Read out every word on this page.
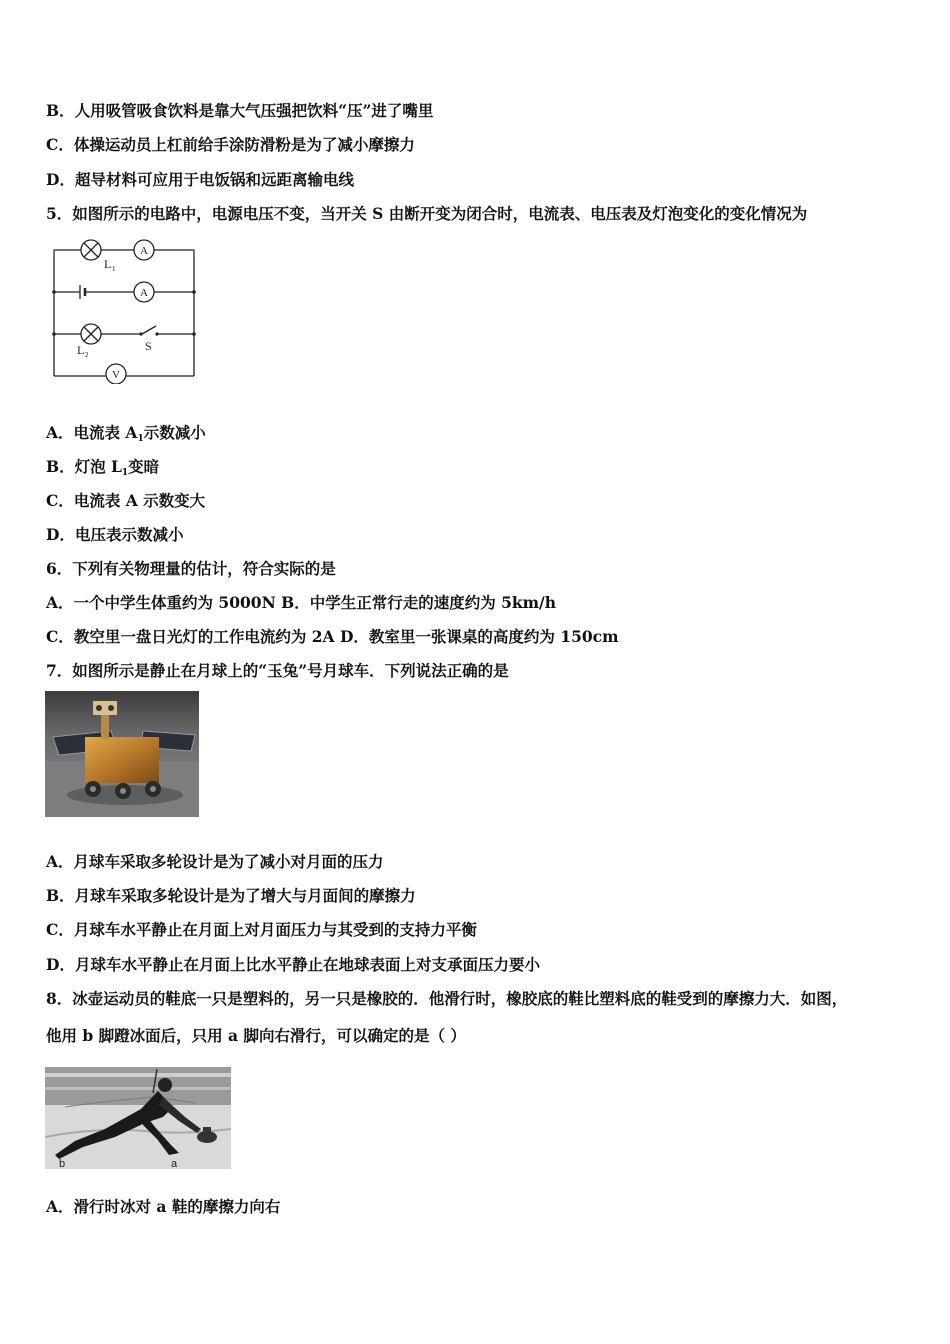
B．人用吸管吸食饮料是靠大气压强把饮料“压”进了嘴里
C．体操运动员上杠前给手涂防滑粉是为了减小摩擦力
D．超导材料可应用于电饭锅和远距离输电线
5．如图所示的电路中，电源电压不变，当开关 S 由断开变为闭合时，电流表、电压表及灯泡变化的变化情况为
L 1
A
A
L 2
S
V
A．电流表 $A_1$示数减小
B．灯泡 $L_1$变暗
C．电流表 A 示数变大
D．电压表示数减小
6．下列有关物理量的估计，符合实际的是
A．一个中学生体重约为 5000N B．中学生正常行走的速度约为 5km/h
C．教空里一盘日光灯的工作电流约为 2A D．教室里一张课桌的高度约为 150cm
7．如图所示是静止在月球上的“玉兔”号月球车．下列说法正确的是
A．月球车采取多轮设计是为了减小对月面的压力
B．月球车采取多轮设计是为了增大与月面间的摩擦力
C．月球车水平静止在月面上对月面压力与其受到的支持力平衡
D．月球车水平静止在月面上比水平静止在地球表面上对支承面压力要小
8．冰壶运动员的鞋底一只是塑料的，另一只是橡胶的．他滑行时，橡胶底的鞋比塑料底的鞋受到的摩擦力大．如图，
他用 b 脚蹬冰面后，只用 a 脚向右滑行，可以确定的是（ ）
b	a
A．滑行时冰对 a 鞋的摩擦力向右
